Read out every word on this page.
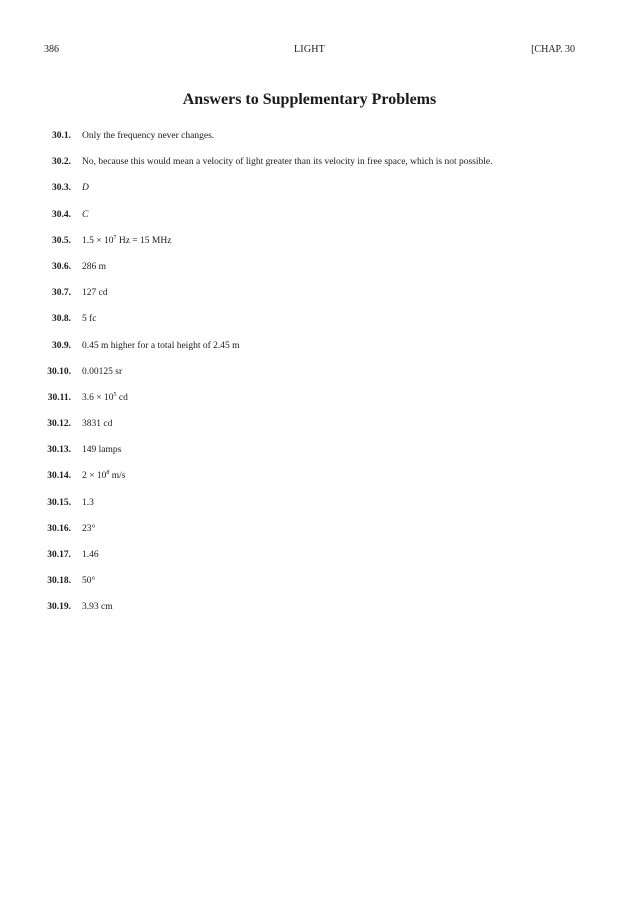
386	LIGHT	[CHAP. 30
Answers to Supplementary Problems
30.1. Only the frequency never changes.
30.2. No, because this would mean a velocity of light greater than its velocity in free space, which is not possible.
30.3. D
30.4. C
30.5. $1.5 \times 10^7$ Hz = 15 MHz
30.6. 286 m
30.7. 127 cd
30.8. 5 fc
30.9. 0.45 m higher for a total height of 2.45 m
30.10. 0.00125 sr
30.11. $3.6 \times 10^5$ cd
30.12. 3831 cd
30.13. 149 lamps
30.14. $2 \times 10^8$ m/s
30.15. 1.3
30.16. 23°
30.17. 1.46
30.18. 50°
30.19. 3.93 cm
